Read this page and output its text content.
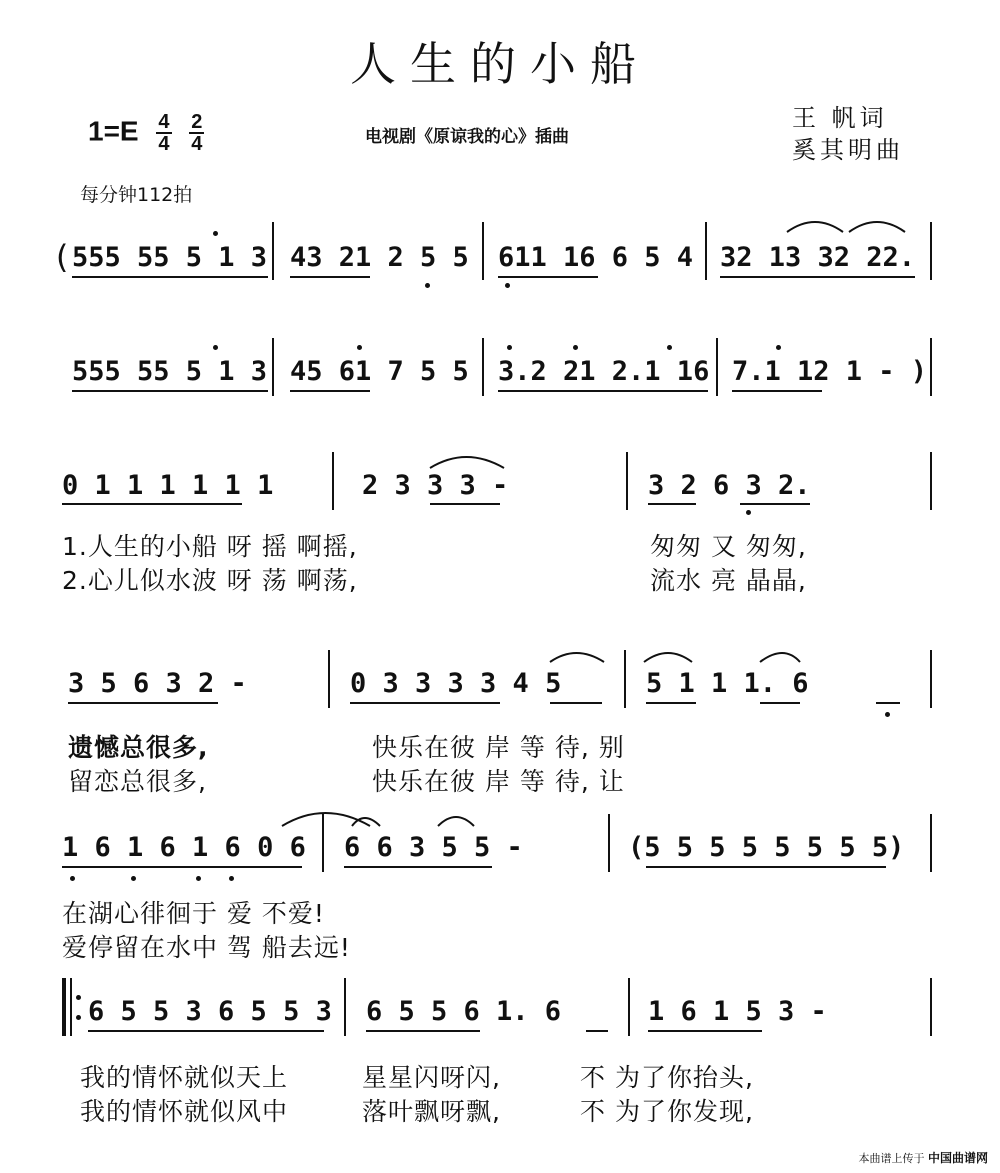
人生的小船
$1=E \frac{4}{4} \frac{2}{4}$	电视剧《原谅我的心》插曲
王 帆词
奚其明曲
每分钟112拍
( 555 55 5 1 3 43 21 2 5 5 611 16 6 5 4 32 13 32 22.
555 55 5 1 3 45 61 7 5 5 3.2 21 2.1 16 7.1 12 1 - )
0 1 1 1 1 1 1	2 3 3 3 -	3 2 6 3 2.
1.人生的小船 呀 摇 啊摇,	匆匆 又 匆匆,
2.心儿似水波 呀 荡 啊荡,	流水 亮 晶晶,
3 5 6 3 2 -	0 3 3 3 3 4 5	5 1 1 1. 6
遗憾总很多,	快乐在彼 岸 等 待, 别
留恋总很多,	快乐在彼 岸 等 待, 让
1 6 1 6 1 6 0 6 6 6 3 5 5 -	(5 5 5 5 5 5 5 5)
在湖心徘徊于 爱 不爱!
爱停留在水中 驾 船去远!
6 5 5 3 6 5 5 3 6 5 5 6 1. 6	1 6 1 5 3 -
我的情怀就似天上	星星闪呀闪,	不 为了你抬头,
我的情怀就似风中	落叶飘呀飘,	不 为了你发现,
本曲谱上传于 中国曲谱网
